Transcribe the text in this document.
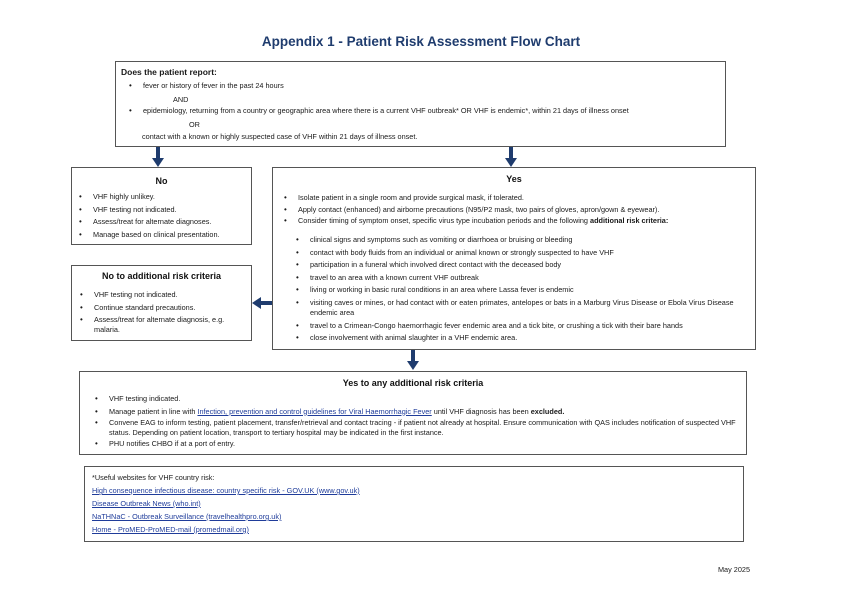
Appendix 1 - Patient Risk Assessment Flow Chart
Does the patient report:
• fever or history of fever in the past 24 hours
AND
• epidemiology, returning from a country or geographic area where there is a current VHF outbreak* OR VHF is endemic*, within 21 days of illness onset
OR
contact with a known or highly suspected case of VHF within 21 days of illness onset.
No
• VHF highly unlikey.
• VHF testing not indicated.
• Assess/treat for alternate diagnoses.
• Manage based on clinical presentation.
No to additional risk criteria
• VHF testing not indicated.
• Continue standard precautions.
• Assess/treat for alternate diagnosis, e.g. malaria.
Yes
• Isolate patient in a single room and provide surgical mask, if tolerated.
• Apply contact (enhanced) and airborne precautions (N95/P2 mask, two pairs of gloves, apron/gown & eyewear).
• Consider timing of symptom onset, specific virus type incubation periods and the following additional risk criteria:
• clinical signs and symptoms such as vomiting or diarrhoea or bruising or bleeding
• contact with body fluids from an individual or animal known or strongly suspected to have VHF
• participation in a funeral which involved direct contact with the deceased body
• travel to an area with a known current VHF outbreak
• living or working in basic rural conditions in an area where Lassa fever is endemic
• visiting caves or mines, or had contact with or eaten primates, antelopes or bats in a Marburg Virus Disease or Ebola Virus Disease endemic area
• travel to a Crimean-Congo haemorrhagic fever endemic area and a tick bite, or crushing a tick with their bare hands
• close involvement with animal slaughter in a VHF endemic area.
Yes to any additional risk criteria
• VHF testing indicated.
• Manage patient in line with Infection, prevention and control guidelines for Viral Haemorrhagic Fever until VHF diagnosis has been excluded.
• Convene EAG to inform testing, patient placement, transfer/retrieval and contact tracing - if patient not already at hospital. Ensure communication with QAS includes notification of suspected VHF status. Depending on patient location, transport to tertiary hospital may be indicated in the first instance.
• PHU notifies CHBO if at a port of entry.
*Useful websites for VHF country risk:
High consequence infectious disease: country specific risk - GOV.UK (www.gov.uk)
Disease Outbreak News (who.int)
NaTHNaC - Outbreak Surveillance (travelhealthpro.org.uk)
Home - ProMED-ProMED-mail (promedmail.org)
May 2025
